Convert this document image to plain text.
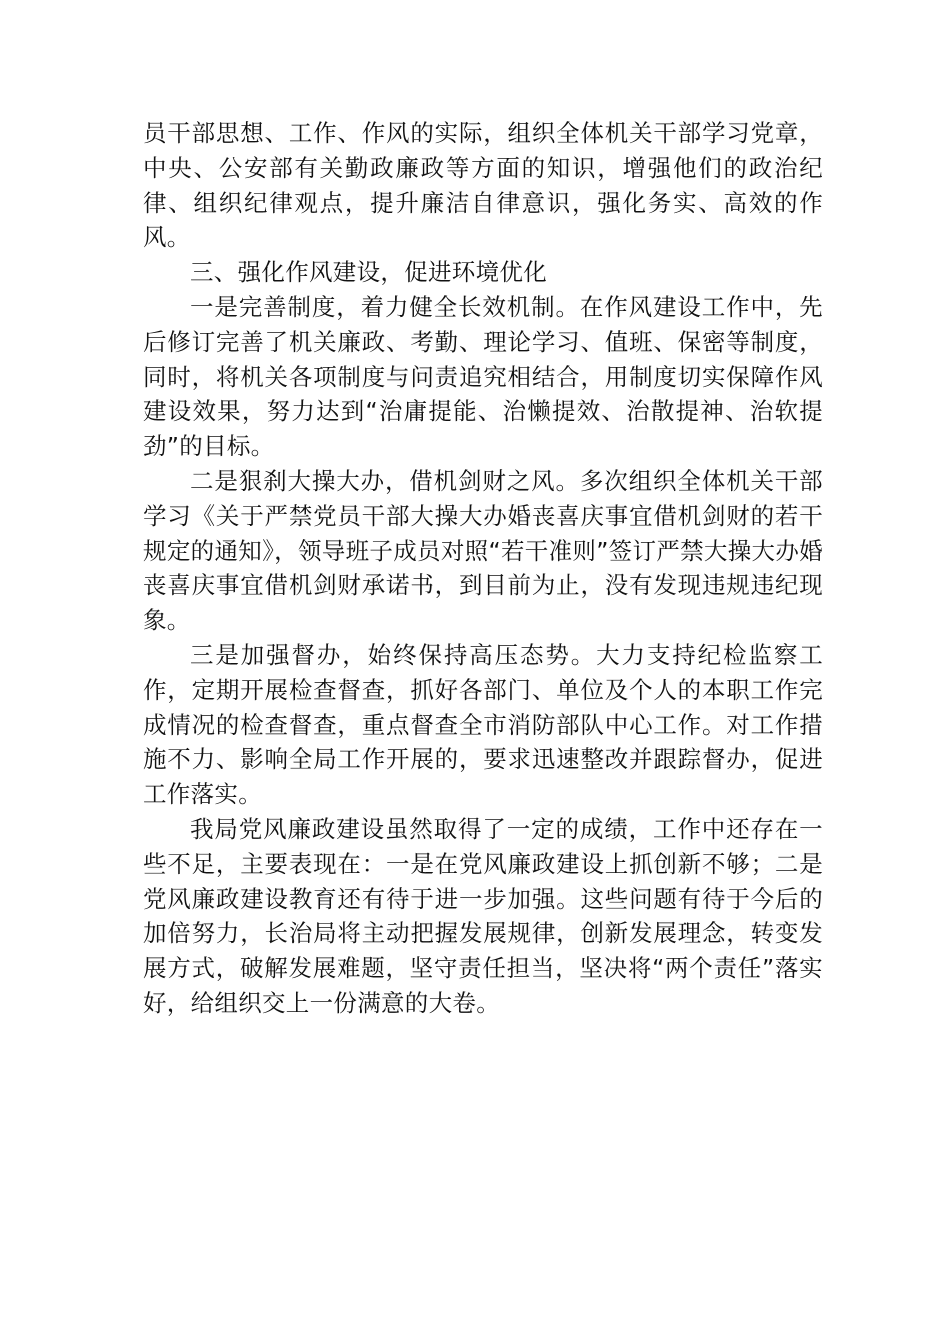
员干部思想、工作、作风的实际，组织全体机关干部学习党章，中央、公安部有关勤政廉政等方面的知识，增强他们的政治纪律、组织纪律观点，提升廉洁自律意识，强化务实、高效的作风。

三、强化作风建设，促进环境优化

一是完善制度，着力健全长效机制。在作风建设工作中，先后修订完善了机关廉政、考勤、理论学习、值班、保密等制度，同时，将机关各项制度与问责追究相结合，用制度切实保障作风建设效果，努力达到“治庸提能、治懒提效、治散提神、治软提劲”的目标。

二是狠刹大操大办，借机剑财之风。多次组织全体机关干部学习《关于严禁党员干部大操大办婚丧喜庆事宜借机剑财的若干规定的通知》，领导班子成员对照“若干准则”签订严禁大操大办婚丧喜庆事宜借机剑财承诺书，到目前为止，没有发现违规违纪现象。

三是加强督办，始终保持高压态势。大力支持纪检监察工作，定期开展检查督查，抓好各部门、单位及个人的本职工作完成情况的检查督查，重点督查全市消防部队中心工作。对工作措施不力、影响全局工作开展的，要求迅速整改并跟踪督办，促进工作落实。

我局党风廉政建设虽然取得了一定的成绩，工作中还存在一些不足，主要表现在：一是在党风廉政建设上抓创新不够；二是党风廉政建设教育还有待于进一步加强。这些问题有待于今后的加倍努力，长治局将主动把握发展规律，创新发展理念，转变发展方式，破解发展难题，坚守责任担当，坚决将“两个责任”落实好，给组织交上一份满意的大卷。
